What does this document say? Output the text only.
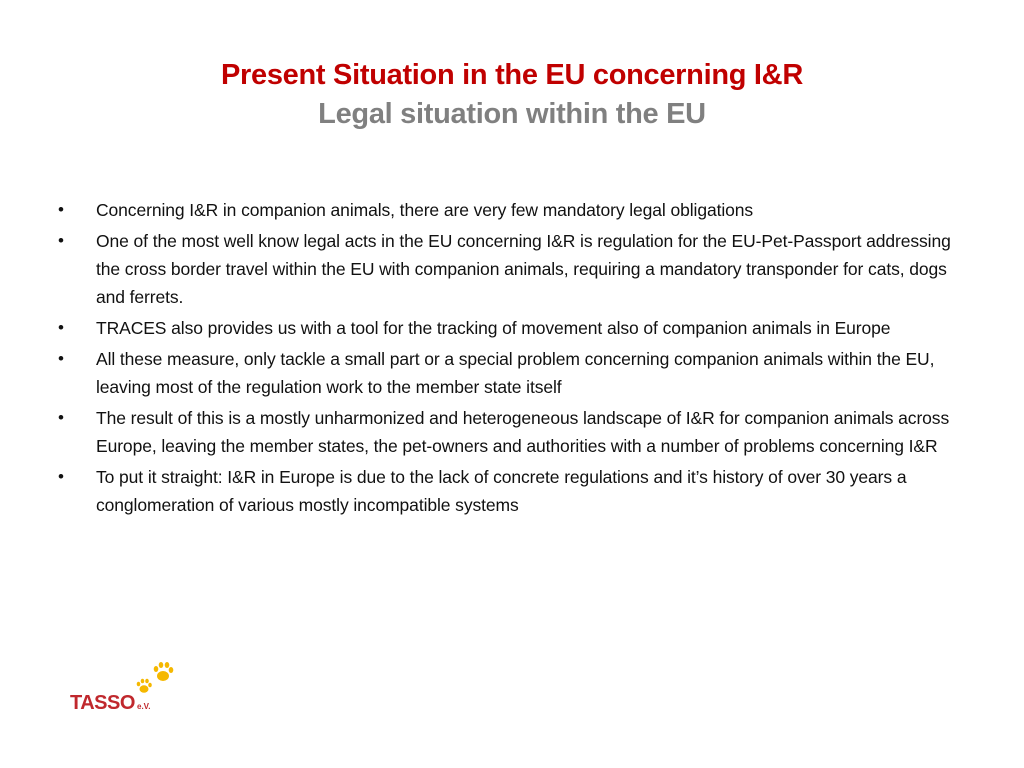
Present Situation in the EU concerning I&R
Legal situation within the EU
• Concerning I&R in companion animals, there are very few mandatory legal obligations
• One of the most well know legal acts in the EU concerning I&R is regulation for the EU-Pet-Passport addressing the cross border travel within the EU with companion animals, requiring a mandatory transponder for cats, dogs and ferrets.
• TRACES also provides us with a tool for the tracking of movement also of companion animals in Europe
• All these measure, only tackle a small part or a special problem concerning companion animals within the EU, leaving most of the regulation work to the member state itself
• The result of this is a mostly unharmonized and heterogeneous landscape of I&R for companion animals across Europe, leaving the member states, the pet-owners and authorities with a number of problems concerning I&R
• To put it straight: I&R in Europe is due to the lack of concrete regulations and it’s history of over 30 years a conglomeration of various mostly incompatible systems
TASSO e.V.
